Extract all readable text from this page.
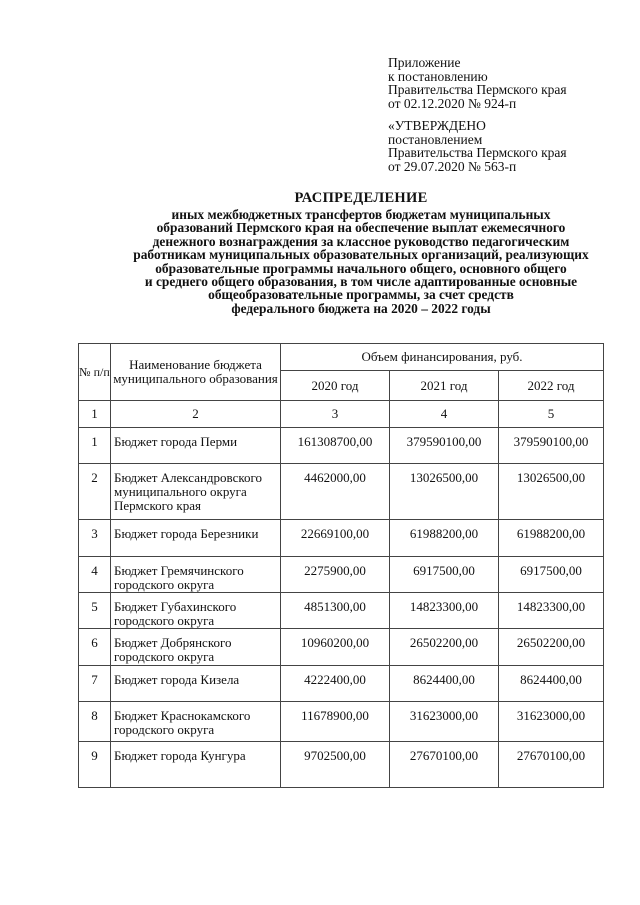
Приложение
к постановлению
Правительства Пермского края
от 02.12.2020 № 924-п
«УТВЕРЖДЕНО
постановлением
Правительства Пермского края
от 29.07.2020 № 563-п
РАСПРЕДЕЛЕНИЕ
иных межбюджетных трансфертов бюджетам муниципальных
образований Пермского края на обеспечение выплат ежемесячного
денежного вознаграждения за классное руководство педагогическим
работникам муниципальных образовательных организаций, реализующих
образовательные программы начального общего, основного общего
и среднего общего образования, в том числе адаптированные основные
общеобразовательные программы, за счет средств
федерального бюджета на 2020 – 2022 годы
№ п/п	Наименование бюджета муниципального образования	Объем финансирования, руб.		
		2020 год	2021 год	2022 год
1	2	3	4	5
1	Бюджет города Перми	161308700,00	379590100,00	379590100,00
2	Бюджет Александровского муниципального округа Пермского края	4462000,00	13026500,00	13026500,00
3	Бюджет города Березники	22669100,00	61988200,00	61988200,00
4	Бюджет Гремячинского городского округа	2275900,00	6917500,00	6917500,00
5	Бюджет Губахинского городского округа	4851300,00	14823300,00	14823300,00
6	Бюджет Добрянского городского округа	10960200,00	26502200,00	26502200,00
7	Бюджет города Кизела	4222400,00	8624400,00	8624400,00
8	Бюджет Краснокамского городского округа	11678900,00	31623000,00	31623000,00
9	Бюджет города Кунгура	9702500,00	27670100,00	27670100,00
